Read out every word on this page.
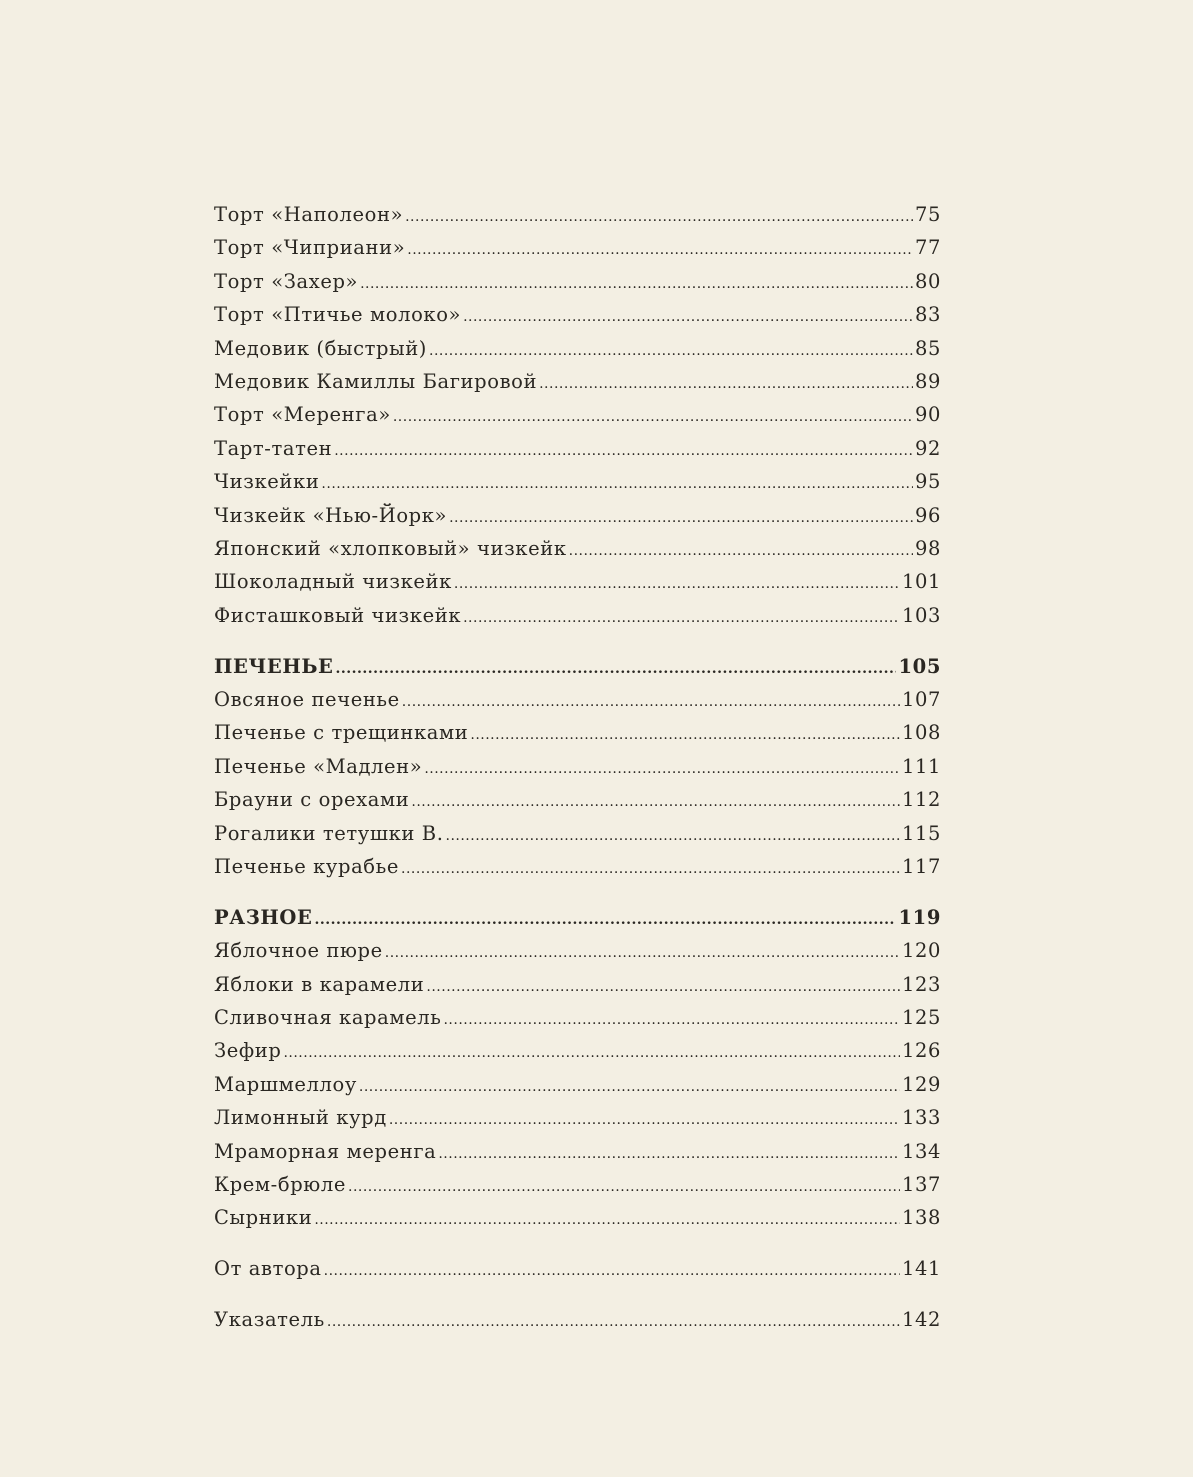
Торт «Наполеон» .....	75
Торт «Чиприани» .....	77
Торт «Захер» .....	80
Торт «Птичье молоко» .....	83
Медовик (быстрый) .....	85
Медовик Камиллы Багировой .....	89
Торт «Меренга» .....	90
Тарт-татен .....	92
Чизкейки .....	95
Чизкейк «Нью-Йорк» .....	96
Японский «хлопковый» чизкейк .....	98
Шоколадный чизкейк .....	101
Фисташковый чизкейк .....	103
ПЕЧЕНЬЕ .....	105
Овсяное печенье .....	107
Печенье с трещинками .....	108
Печенье «Мадлен» .....	111
Брауни с орехами .....	112
Рогалики тетушки В. .....	115
Печенье курабье .....	117
РАЗНОЕ .....	119
Яблочное пюре .....	120
Яблоки в карамели .....	123
Сливочная карамель .....	125
Зефир .....	126
Маршмеллоу .....	129
Лимонный курд .....	133
Мраморная меренга .....	134
Крем-брюле .....	137
Сырники .....	138
От автора .....	141
Указатель .....	142
